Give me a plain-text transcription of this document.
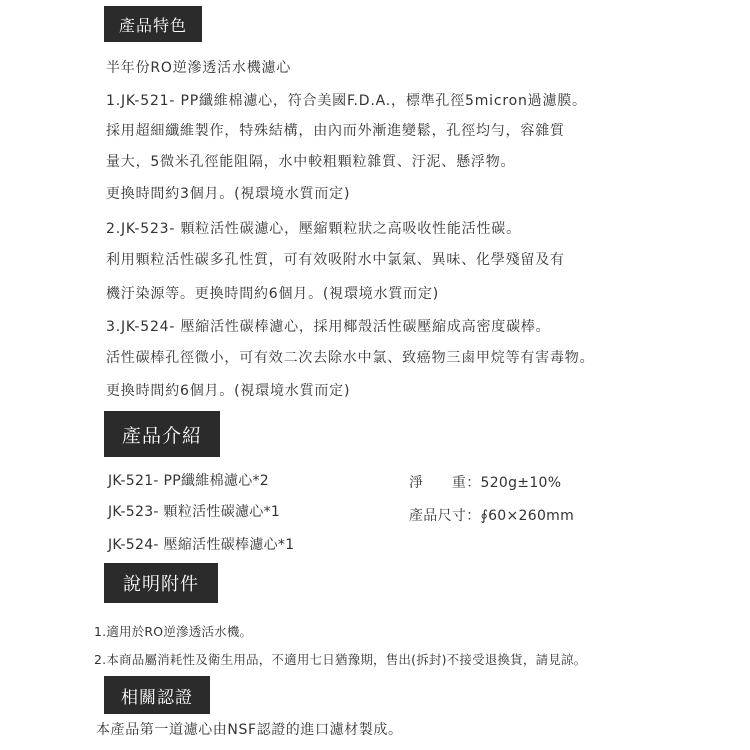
產品特色
半年份RO逆滲透活水機濾心
1.JK-521- PP纖維棉濾心，符合美國F.D.A.，標準孔徑5micron過濾膜。
採用超細纖維製作，特殊結構，由內而外漸進變鬆，孔徑均勻，容雜質
量大，5微米孔徑能阻隔，水中較粗顆粒雜質、汙泥、懸浮物。
更換時間約3個月。(視環境水質而定)
2.JK-523- 顆粒活性碳濾心，壓縮顆粒狀之高吸收性能活性碳。
利用顆粒活性碳多孔性質，可有效吸附水中氯氣、異味、化學殘留及有
機汙染源等。更換時間約6個月。(視環境水質而定)
3.JK-524- 壓縮活性碳棒濾心，採用椰殼活性碳壓縮成高密度碳棒。
活性碳棒孔徑微小，可有效二次去除水中氯、致癌物三鹵甲烷等有害毒物。
更換時間約6個月。(視環境水質而定)
產品介紹
JK-521- PP纖維棉濾心*2
JK-523- 顆粒活性碳濾心*1
JK-524- 壓縮活性碳棒濾心*1
淨　　重：520g±10%
產品尺寸：∮60×260mm
說明附件
1.適用於RO逆滲透活水機。
2.本商品屬消耗性及衛生用品，不適用七日猶豫期，售出(拆封)不接受退換貨，請見諒。
相關認證
本產品第一道濾心由NSF認證的進口濾材製成。
